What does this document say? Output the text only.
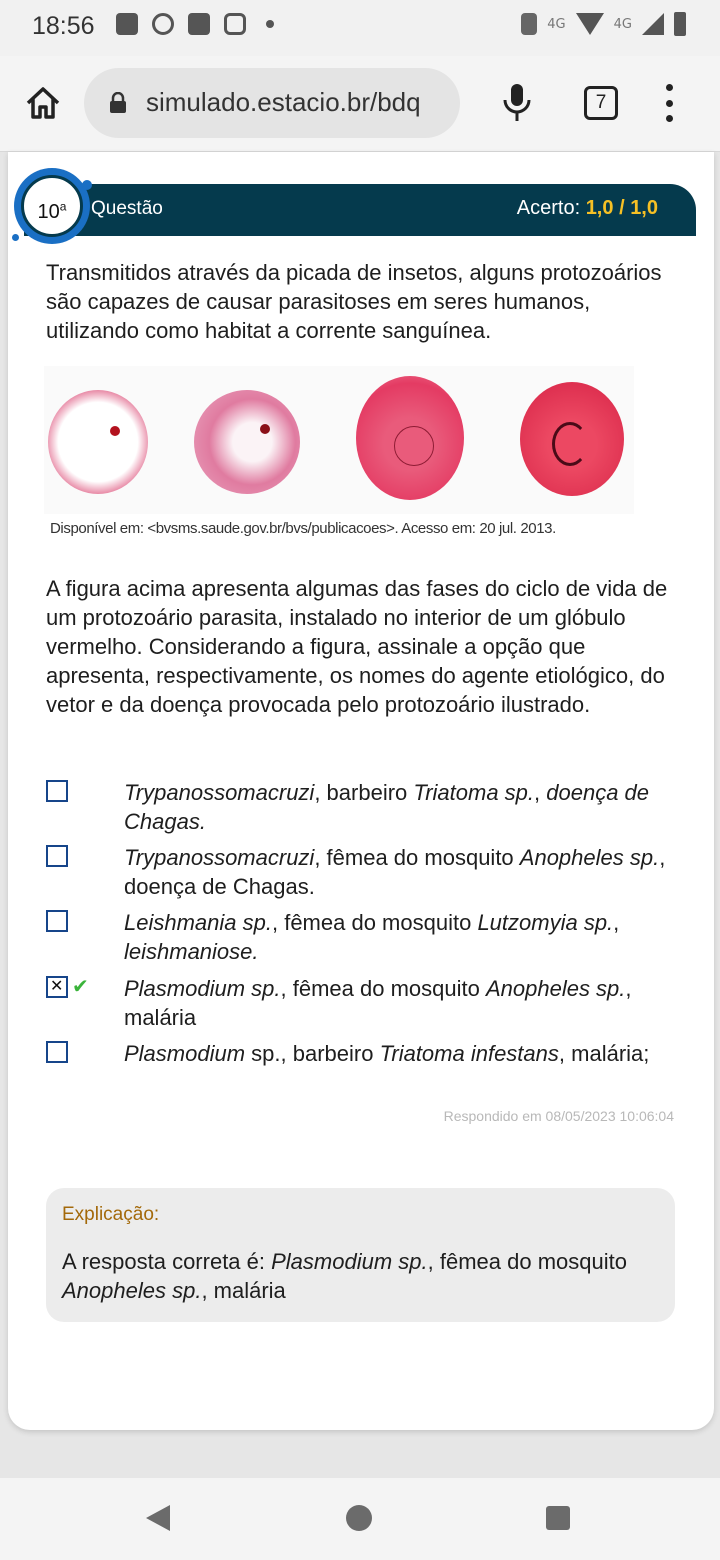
18:56	4G	4G
simulado.estacio.br/bdq	7
Questão	Acerto: 1,0 / 1,0
10$^a$
Transmitidos através da picada de insetos, alguns protozoários são capazes de causar parasitoses em seres humanos, utilizando como habitat a corrente sanguínea.
Disponível em: <bvsms.saude.gov.br/bvs/publicacoes>. Acesso em: 20 jul. 2013.
A figura acima apresenta algumas das fases do ciclo de vida de um protozoário parasita, instalado no interior de um glóbulo vermelho. Considerando a figura, assinale a opção que apresenta, respectivamente, os nomes do agente etiológico, do vetor e da doença provocada pelo protozoário ilustrado.
Trypanossomacruzi, barbeiro Triatoma sp., doença de Chagas.
Trypanossomacruzi, fêmea do mosquito Anopheles sp., doença de Chagas.
Leishmania sp., fêmea do mosquito Lutzomyia sp., leishmaniose.
✕
✔ Plasmodium sp., fêmea do mosquito Anopheles sp., malária
Plasmodium sp., barbeiro Triatoma infestans, malária;
Respondido em 08/05/2023 10:06:04
Explicação:
A resposta correta é: Plasmodium sp., fêmea do mosquito Anopheles sp., malária
